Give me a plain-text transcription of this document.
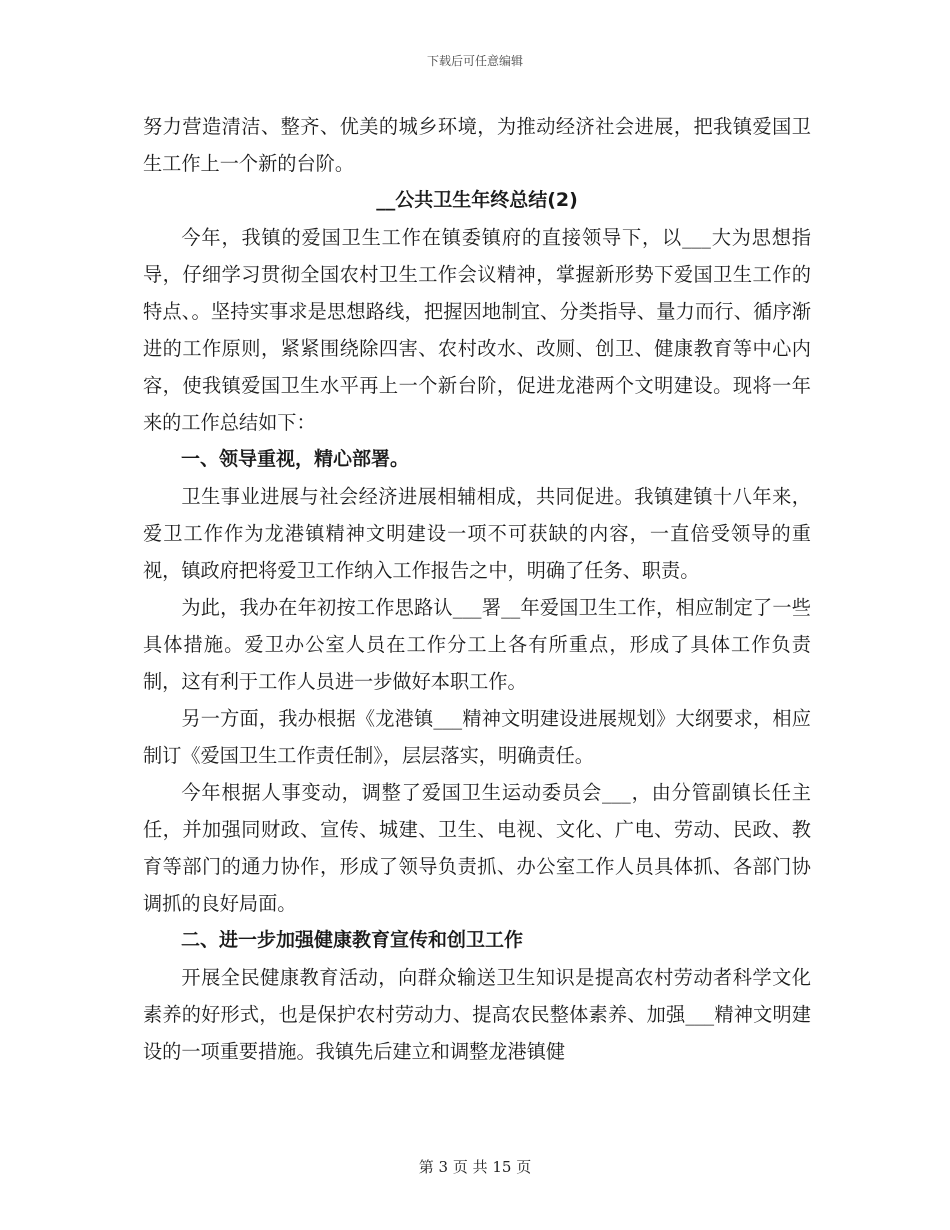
下载后可任意编辑

努力营造清洁、整齐、优美的城乡环境，为推动经济社会进展，把我镇爱国卫生工作上一个新的台阶。

__公共卫生年终总结(2)

今年，我镇的爱国卫生工作在镇委镇府的直接领导下，以___大为思想指导，仔细学习贯彻全国农村卫生工作会议精神，掌握新形势下爱国卫生工作的特点、。坚持实事求是思想路线，把握因地制宜、分类指导、量力而行、循序渐进的工作原则，紧紧围绕除四害、农村改水、改厕、创卫、健康教育等中心内容，使我镇爱国卫生水平再上一个新台阶，促进龙港两个文明建设。现将一年来的工作总结如下：

一、领导重视，精心部署。

卫生事业进展与社会经济进展相辅相成，共同促进。我镇建镇十八年来，爱卫工作作为龙港镇精神文明建设一项不可获缺的内容，一直倍受领导的重视，镇政府把将爱卫工作纳入工作报告之中，明确了任务、职责。

为此，我办在年初按工作思路认___署__年爱国卫生工作，相应制定了一些具体措施。爱卫办公室人员在工作分工上各有所重点，形成了具体工作负责制，这有利于工作人员进一步做好本职工作。

另一方面，我办根据《龙港镇___精神文明建设进展规划》大纲要求，相应制订《爱国卫生工作责任制》，层层落实，明确责任。

今年根据人事变动，调整了爱国卫生运动委员会___，由分管副镇长任主任，并加强同财政、宣传、城建、卫生、电视、文化、广电、劳动、民政、教育等部门的通力协作，形成了领导负责抓、办公室工作人员具体抓、各部门协调抓的良好局面。

二、进一步加强健康教育宣传和创卫工作

开展全民健康教育活动，向群众输送卫生知识是提高农村劳动者科学文化素养的好形式，也是保护农村劳动力、提高农民整体素养、加强___精神文明建设的一项重要措施。我镇先后建立和调整龙港镇健

第 3 页 共 15 页
